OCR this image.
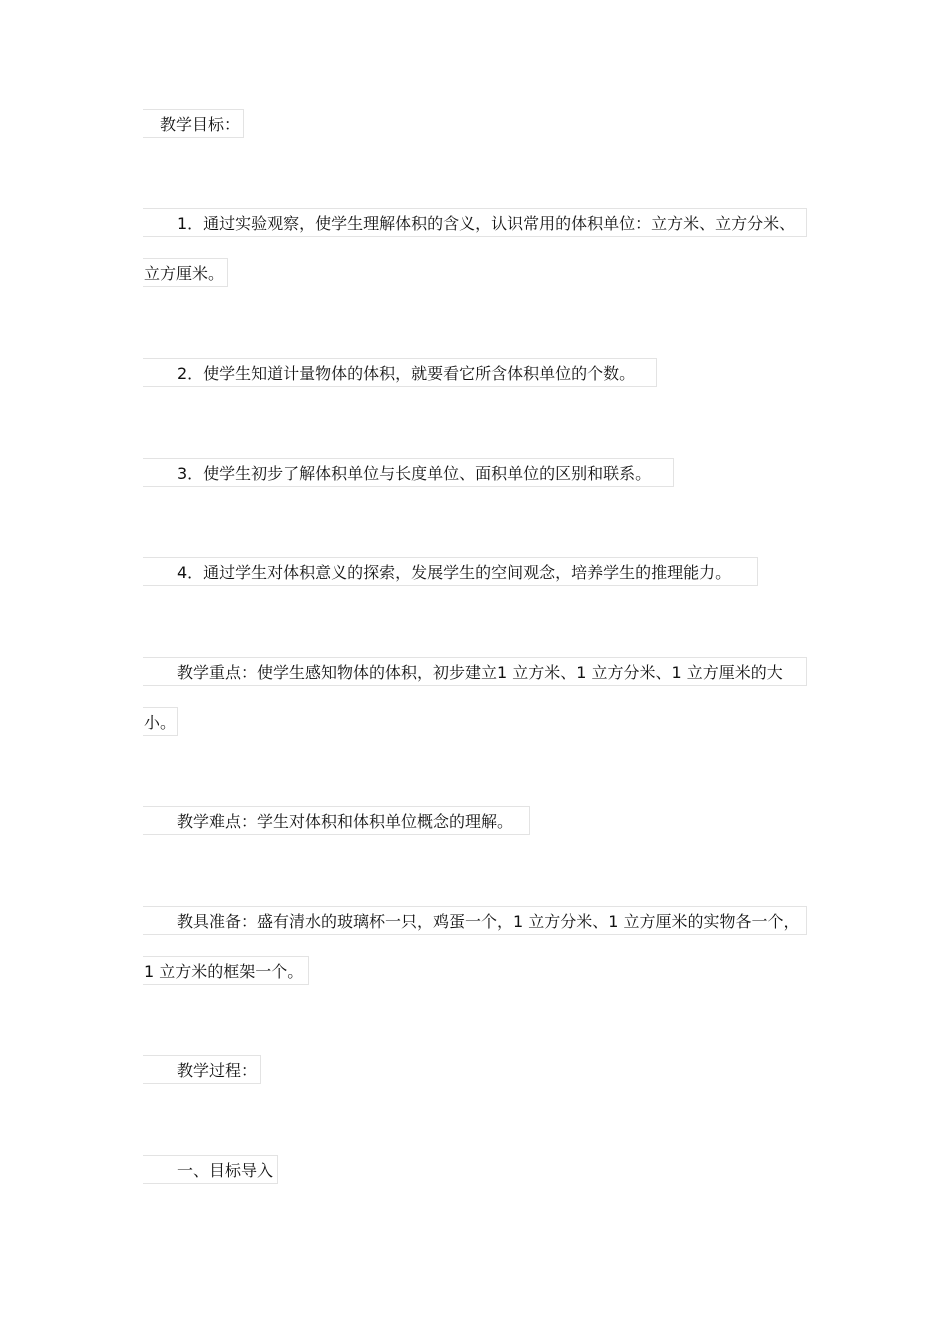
教学目标：
1．通过实验观察，使学生理解体积的含义，认识常用的体积单位：立方米、立方分米、
立方厘米。
2．使学生知道计量物体的体积，就要看它所含体积单位的个数。
3．使学生初步了解体积单位与长度单位、面积单位的区别和联系。
4．通过学生对体积意义的探索，发展学生的空间观念，培养学生的推理能力。
教学重点：使学生感知物体的体积，初步建立1 立方米、1 立方分米、1 立方厘米的大
小。
教学难点：学生对体积和体积单位概念的理解。
教具准备：盛有清水的玻璃杯一只，鸡蛋一个，1 立方分米、1 立方厘米的实物各一个，
1 立方米的框架一个。
教学过程：
一、目标导入
